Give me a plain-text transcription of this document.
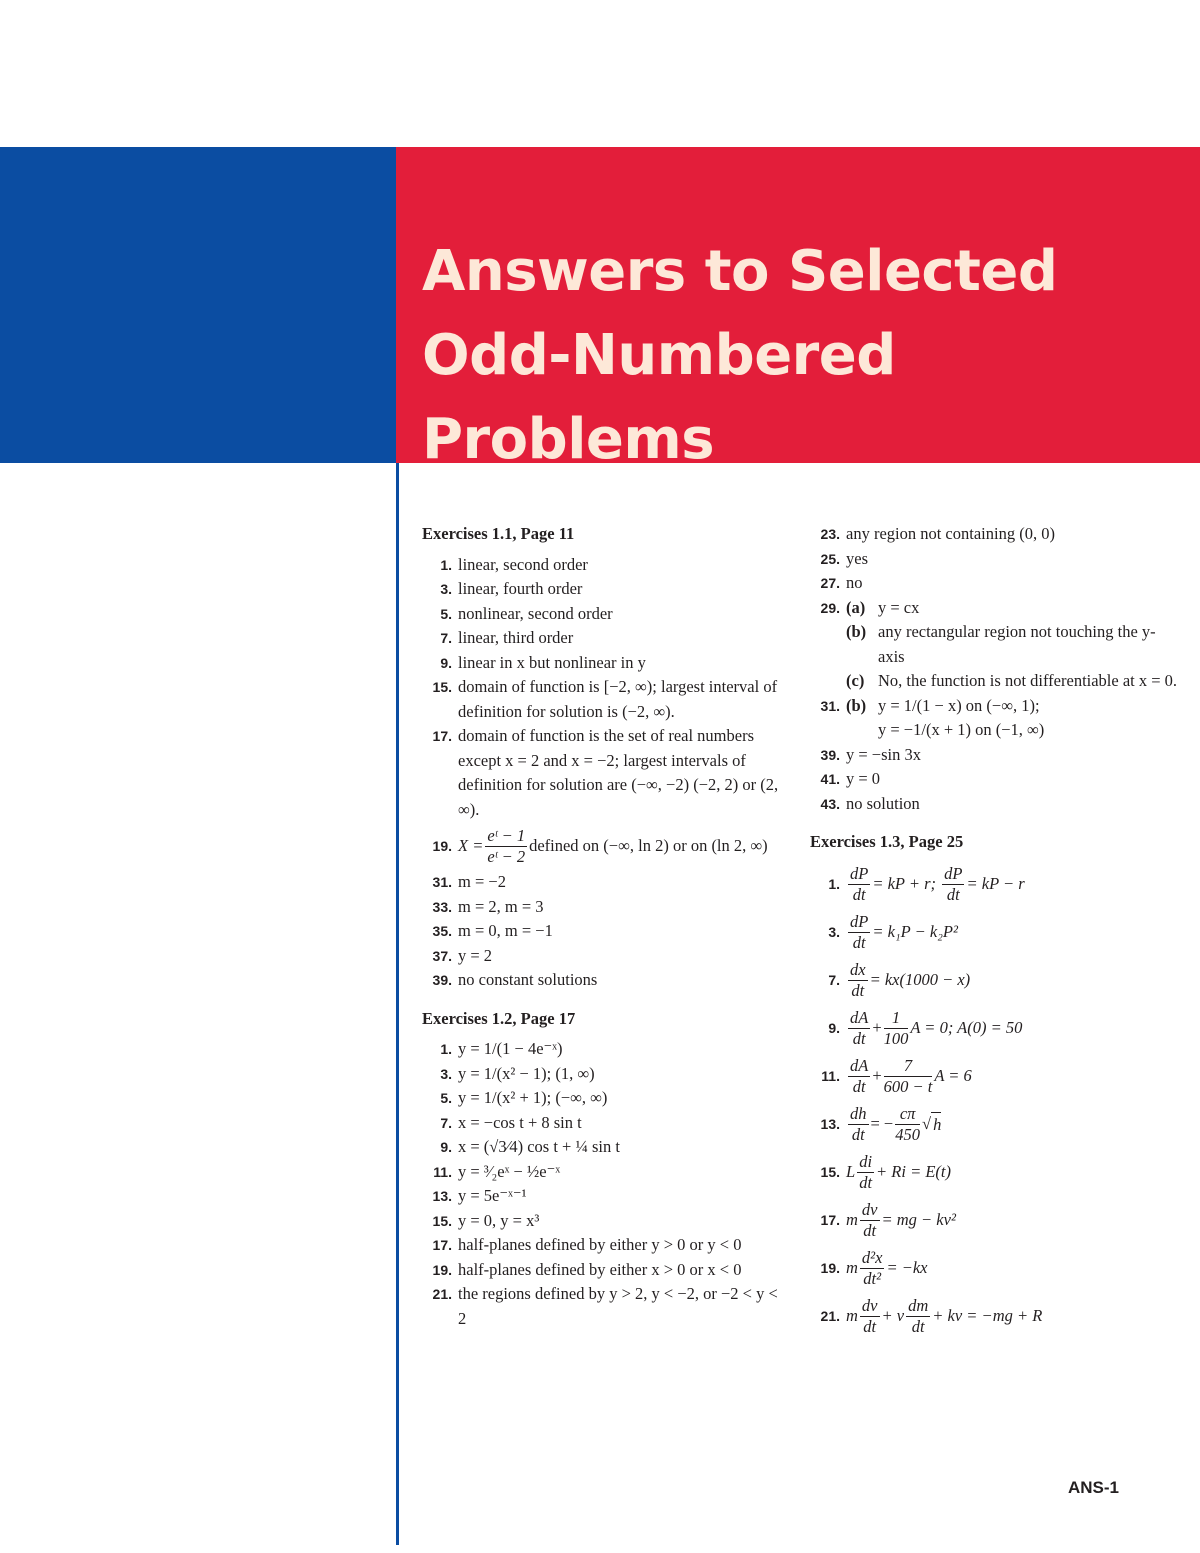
Answers to Selected
Odd-Numbered Problems
Exercises 1.1, Page 11
1. linear, second order
3. linear, fourth order
5. nonlinear, second order
7. linear, third order
9. linear in x but nonlinear in y
15. domain of function is [−2, ∞); largest interval of definition for solution is (−2, ∞).
17. domain of function is the set of real numbers except x = 2 and x = −2; largest intervals of definition for solution are (−∞, −2) (−2, 2) or (2, ∞).
19. $X = \frac{\text{eᵗ − 1}}{\text{eᵗ − 2}}$ defined on (−∞, ln 2) or on (ln 2, ∞)
31. m = −2
33. m = 2, m = 3
35. m = 0, m = −1
37. y = 2
39. no constant solutions
Exercises 1.2, Page 17
1. y = 1/(1 − 4e⁻ˣ)
3. y = 1/(x² − 1); (1, ∞)
5. y = 1/(x² + 1); (−∞, ∞)
7. x = −cos t + 8 sin t
9. x = (√3⁄4) cos t + ¼ sin t
11. y = ³⁄₂eˣ − ½e⁻ˣ
13. y = 5e⁻ˣ⁻¹
15. y = 0, y = x³
17. half-planes defined by either y > 0 or y < 0
19. half-planes defined by either x > 0 or x < 0
21. the regions defined by y > 2, y < −2, or −2 < y < 2
23. any region not containing (0, 0)
25. yes
27. no
29. (a) y = cx
(b) any rectangular region not touching the y-axis
(c) No, the function is not differentiable at x = 0.
31. (b) y = 1/(1 − x) on (−∞, 1);
y = −1/(x + 1) on (−1, ∞)
39. y = −sin 3x
41. y = 0
43. no solution
Exercises 1.3, Page 25
1. $\frac{dP}{dt}$ = kP + r;
$\frac{dP}{dt}$ = kP − r
3. $\frac{dP}{dt} = k_1P - k_2P^2$
7. $\frac{dx}{dt} = kx(1000 - x)$
9. $\frac{dA}{dt} + \frac{1}{100}$ A = 0; A(0) = 50
11. $\frac{dA}{dt} + \frac{7}{600 - t}$ A = 6
13. $\frac{dh}{dt}$ = − $\frac{c\pi}{450}$ √ h
15. L $\frac{di}{dt} + Ri = E(t)$
17. m $\frac{dv}{dt}$ = mg − kv²
19. m $\frac{\text{d²x}}{\text{dt²}} = -kx$
21. m $\frac{dv}{dt} + v \frac{dm}{dt}$ + kv = −mg + R
ANS-1
